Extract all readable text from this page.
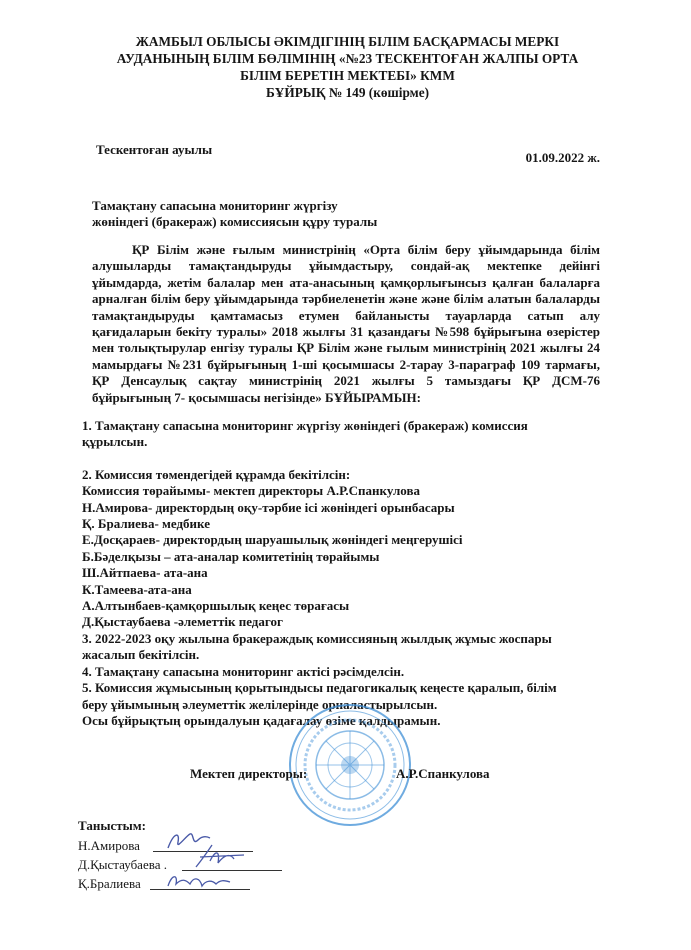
ЖАМБЫЛ ОБЛЫСЫ ӘКІМДІГІНІҢ БІЛІМ БАСҚАРМАСЫ МЕРКІ
АУДАНЫНЫҢ БІЛІМ БӨЛІМІНІҢ «№23 ТЕСКЕНТОҒАН ЖАЛПЫ ОРТА
БІЛІМ БЕРЕТІН МЕКТЕБІ» КММ
БҰЙРЫҚ № 149 (көшірме)
Тескентоған ауылы
01.09.2022 ж.
Тамақтану сапасына мониторинг жүргізу
жөніндегі (бракераж) комиссиясын құру туралы

ҚР Білім және ғылым министрінің «Орта білім беру ұйымдарында білім алушыларды тамақтандыруды ұйымдастыру, сондай-ақ мектепке дейінгі ұйымдарда, жетім балалар мен ата-анасының қамқорлығынсыз қалған балаларға арналған білім беру ұйымдарында тәрбиеленетін және және білім алатын балаларды тамақтандыруды қамтамасыз етумен байланысты тауарларда сатып алу қағидаларын бекіту туралы» 2018 жылғы 31 қазандағы №598 бұйрығына өзерістер мен толықтырулар енгізу туралы ҚР Білім және ғылым министрінің 2021 жылғы 24 мамырдағы №231 бұйрығының 1-ші қосымшасы 2-тарау 3-параграф 109 тармағы, ҚР Денсаулық сақтау министрінің 2021 жылғы 5 тамыздағы ҚР ДСМ-76 бұйрығының 7- қосымшасы негізінде» БҰЙЫРАМЫН:

1. Тамақтану сапасына мониторинг жүргізу жөніндегі (бракераж) комиссия
құрылсын.
2. Комиссия төмендегідей құрамда бекітілсін:
Комиссия төрайымы- мектеп директоры А.Р.Спанкулова
Н.Амирова- директордың оқу-тәрбие ісі жөніндегі орынбасары
Қ. Бралиева- медбике
Е.Досқараев- директордың шаруашылық жөніндегі меңгерушісі
Б.Бәделқызы – ата-аналар комитетінің төрайымы
Ш.Айтпаева- ата-ана
К.Тамеева-ата-ана
А.Алтынбаев-қамқоршылық кеңес төрағасы
Д.Қыстаубаева -әлеметтік педагог
3. 2022-2023 оқу жылына бракераждық комиссияның жылдық жұмыс жоспары
жасалып бекітілсін.
4. Тамақтану сапасына мониторинг актісі рәсімделсін.
5. Комиссия жұмысының қорытындысы педагогикалық кеңесте қаралып, білім
беру ұйымының әлеуметтік желілерінде орналастырылсын.
Осы бұйрықтың орындалуын қадағалау өзіме қалдырамын.
Мектеп директоры:	А.Р.Спанкулова
Таныстым:
Н.Амирова
Д.Қыстаубаева .
Қ.Бралиева
